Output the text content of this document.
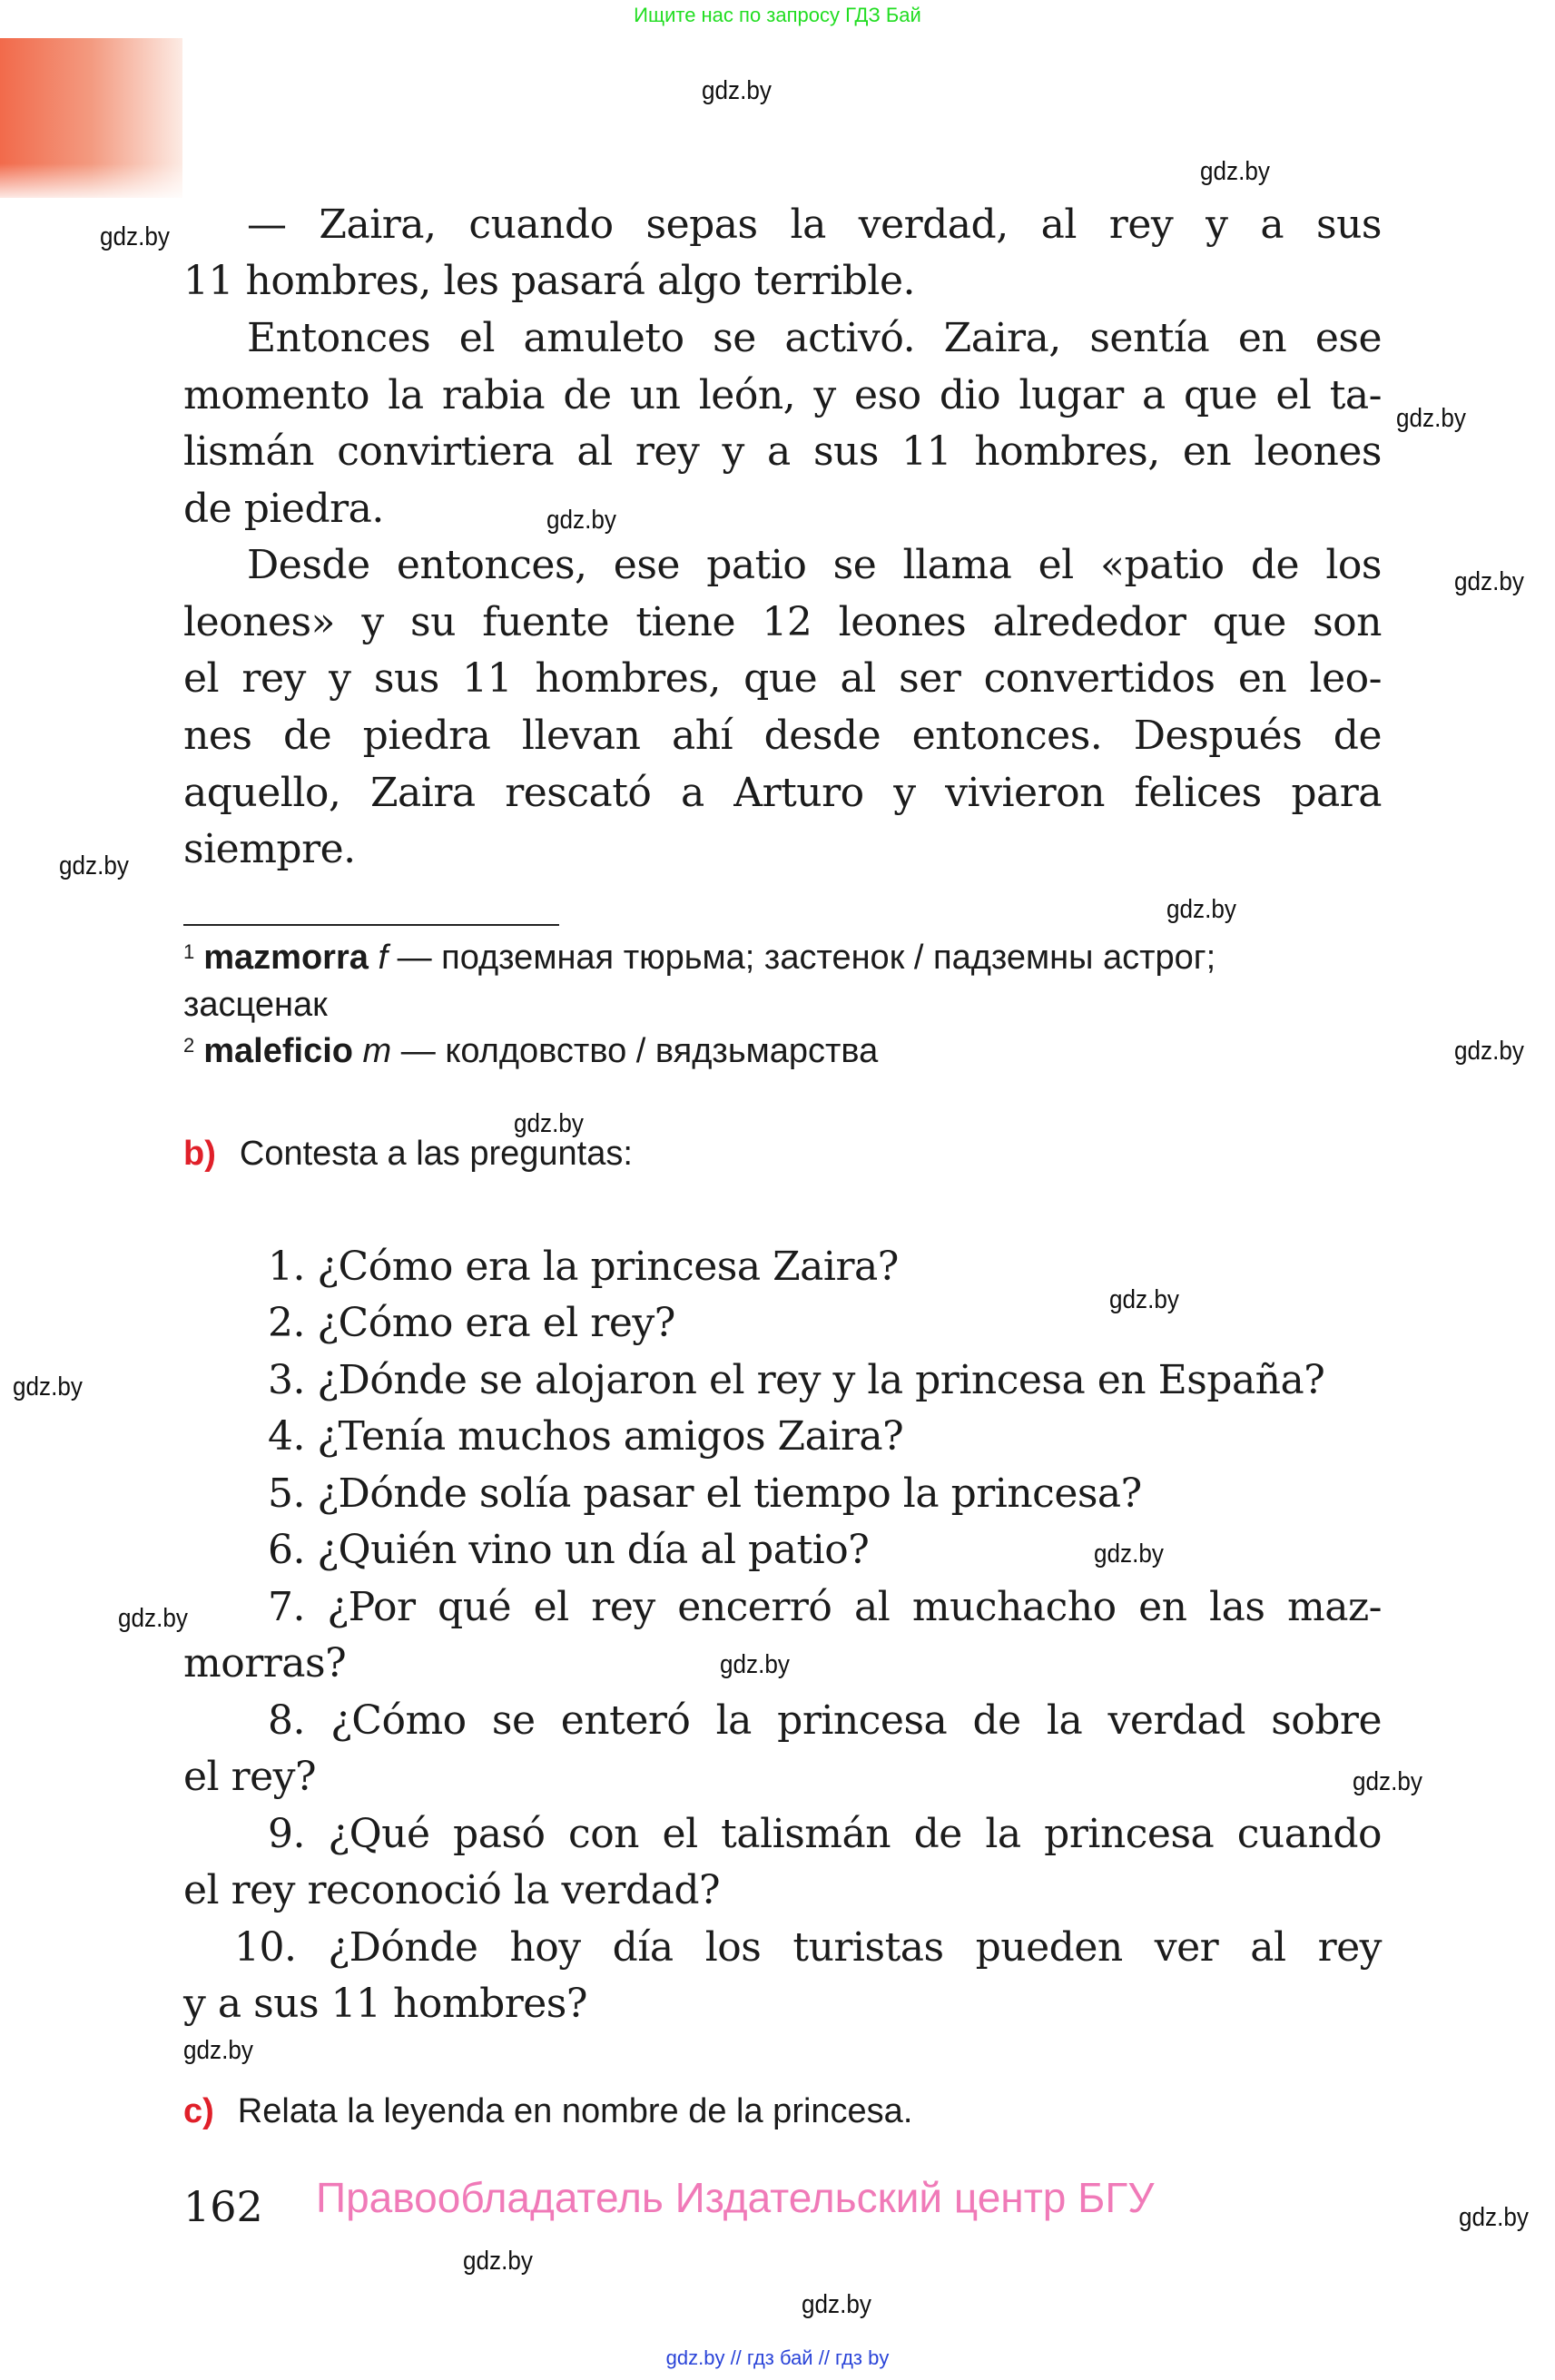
Ищите нас по запросу ГДЗ Бай
gdz.by
gdz.by
gdz.by
gdz.by
gdz.by
gdz.by
gdz.by
gdz.by
gdz.by
gdz.by
gdz.by
gdz.by
gdz.by
gdz.by
gdz.by
gdz.by
gdz.by
gdz.by
gdz.by
gdz.by
— Zaira, cuando sepas la verdad, al rey y a sus
11 hombres, les pasará algo terrible.
Entonces el amuleto se activó. Zaira, sentía en ese
momento la rabia de un león, y eso dio lugar a que el ta-
lismán convirtiera al rey y a sus 11 hombres, en leones
de piedra.
Desde entonces, ese patio se llama el «patio de los
leones» y su fuente tiene 12 leones alrededor que son
el rey y sus 11 hombres, que al ser convertidos en leo-
nes de piedra llevan ahí desde entonces. Después de
aquello, Zaira rescató a Arturo y vivieron felices para
siempre.
$^1$ mazmorra f — подземная тюрьма; застенок / падземны астрог;
засценак
$^2$ maleficio m — колдовство / вядзьмарства
b) Contesta a las preguntas:
1. ¿Cómo era la princesa Zaira?
2. ¿Cómo era el rey?
3. ¿Dónde se alojaron el rey y la princesa en España?
4. ¿Tenía muchos amigos Zaira?
5. ¿Dónde solía pasar el tiempo la princesa?
6. ¿Quién vino un día al patio?
7. ¿Por qué el rey encerró al muchacho en las maz-
morras?
8. ¿Cómo se enteró la princesa de la verdad sobre
el rey?
9. ¿Qué pasó con el talismán de la princesa cuando
el rey reconoció la verdad?
10. ¿Dónde hoy día los turistas pueden ver al rey
y a sus 11 hombres?
c) Relata la leyenda en nombre de la princesa.
162 Правообладатель Издательский центр БГУ
gdz.by // гдз бай // гдз by
